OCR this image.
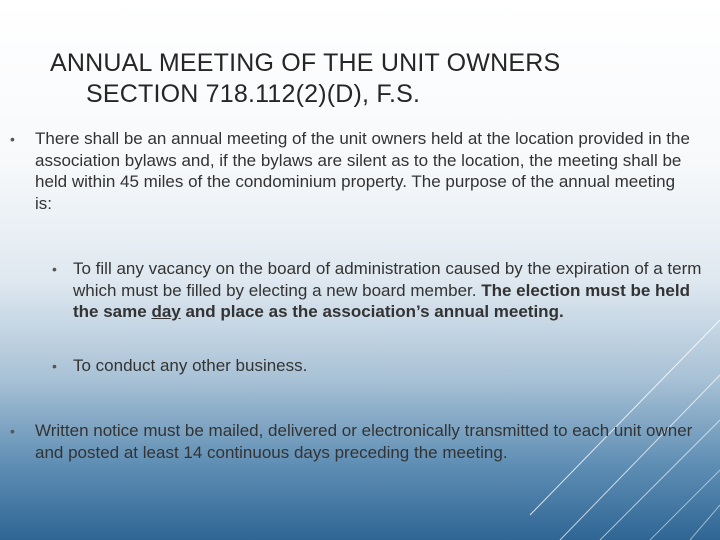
ANNUAL MEETING OF THE UNIT OWNERS
SECTION 718.112(2)(D), F.S.
• There shall be an annual meeting of the unit owners held at the location provided in the association bylaws and, if the bylaws are silent as to the location, the meeting shall be held within 45 miles of the condominium property. The purpose of the annual meeting is:
• To fill any vacancy on the board of administration caused by the expiration of a term which must be filled by electing a new board member. The election must be held the same day and place as the association’s annual meeting.
• To conduct any other business.
• Written notice must be mailed, delivered or electronically transmitted to each unit owner and posted at least 14 continuous days preceding the meeting.
